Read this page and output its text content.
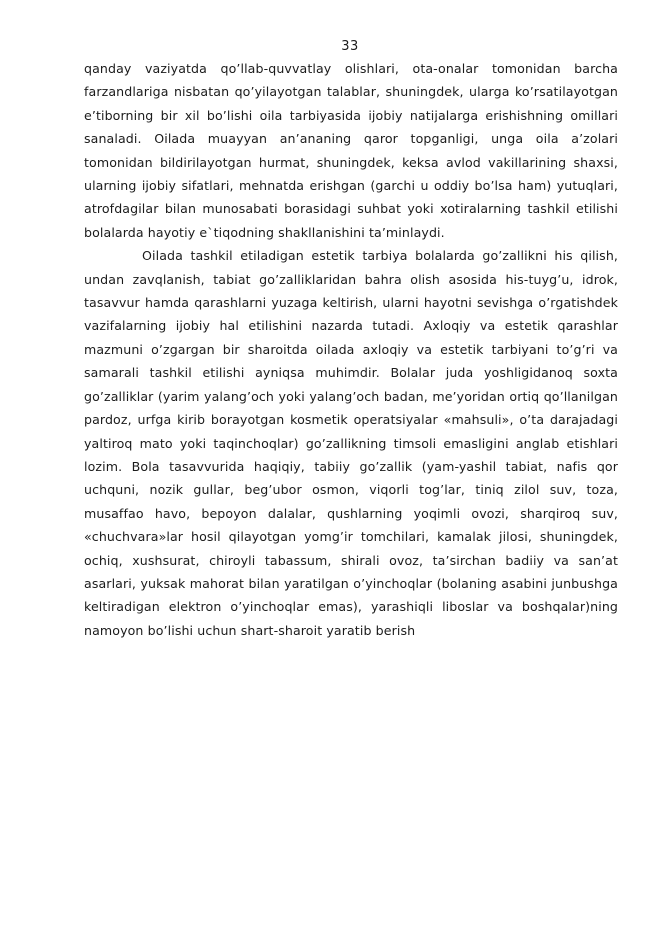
33

qanday vaziyatda qo’llab-quvvatlay olishlari, ota-onalar tomonidan barcha farzandlariga nisbatan qo’yilayotgan talablar, shuningdek, ularga ko’rsatilayotgan e’tiborning bir xil bo’lishi oila tarbiyasida ijobiy natijalarga erishishning omillari sanaladi. Oilada muayyan an’ananing qaror topganligi, unga oila a’zolari tomonidan bildirilayotgan hurmat, shuningdek, keksa avlod vakillarining shaxsi, ularning ijobiy sifatlari, mehnatda erishgan (garchi u oddiy bo’lsa ham) yutuqlari, atrofdagilar bilan munosabati borasidagi suhbat yoki xotiralarning tashkil etilishi bolalarda hayotiy e`tiqodning shakllanishini ta’minlaydi.

Oilada tashkil etiladigan estetik tarbiya bolalarda go’zallikni his qilish, undan zavqlanish, tabiat go’zalliklaridan bahra olish asosida his-tuyg’u, idrok, tasavvur hamda qarashlarni yuzaga keltirish, ularni hayotni sevishga o’rgatishdek vazifalarning ijobiy hal etilishini nazarda tutadi. Axloqiy va estetik qarashlar mazmuni o’zgargan bir sharoitda oilada axloqiy va estetik tarbiyani to’g’ri va samarali tashkil etilishi ayniqsa muhimdir. Bolalar juda yoshligidanoq soxta go’zalliklar (yarim yalang’och yoki yalang’och badan, me’yoridan ortiq qo’llanilgan pardoz, urfga kirib borayotgan kosmetik operatsiyalar «mahsuli», o’ta darajadagi yaltiroq mato yoki taqinchoqlar) go’zallikning timsoli emasligini anglab etishlari lozim. Bola tasavvurida haqiqiy, tabiiy go’zallik (yam-yashil tabiat, nafis qor uchquni, nozik gullar, beg’ubor osmon, viqorli tog’lar, tiniq zilol suv, toza, musaffao havo, bepoyon dalalar, qushlarning yoqimli ovozi, sharqiroq suv, «chuchvara»lar hosil qilayotgan yomg’ir tomchilari, kamalak jilosi, shuningdek, ochiq, xushsurat, chiroyli tabassum, shirali ovoz, ta’sirchan badiiy va san’at asarlari, yuksak mahorat bilan yaratilgan o’yinchoqlar (bolaning asabini junbushga keltiradigan elektron o’yinchoqlar emas), yarashiqli liboslar va boshqalar)ning namoyon bo’lishi uchun shart-sharoit yaratib berish
